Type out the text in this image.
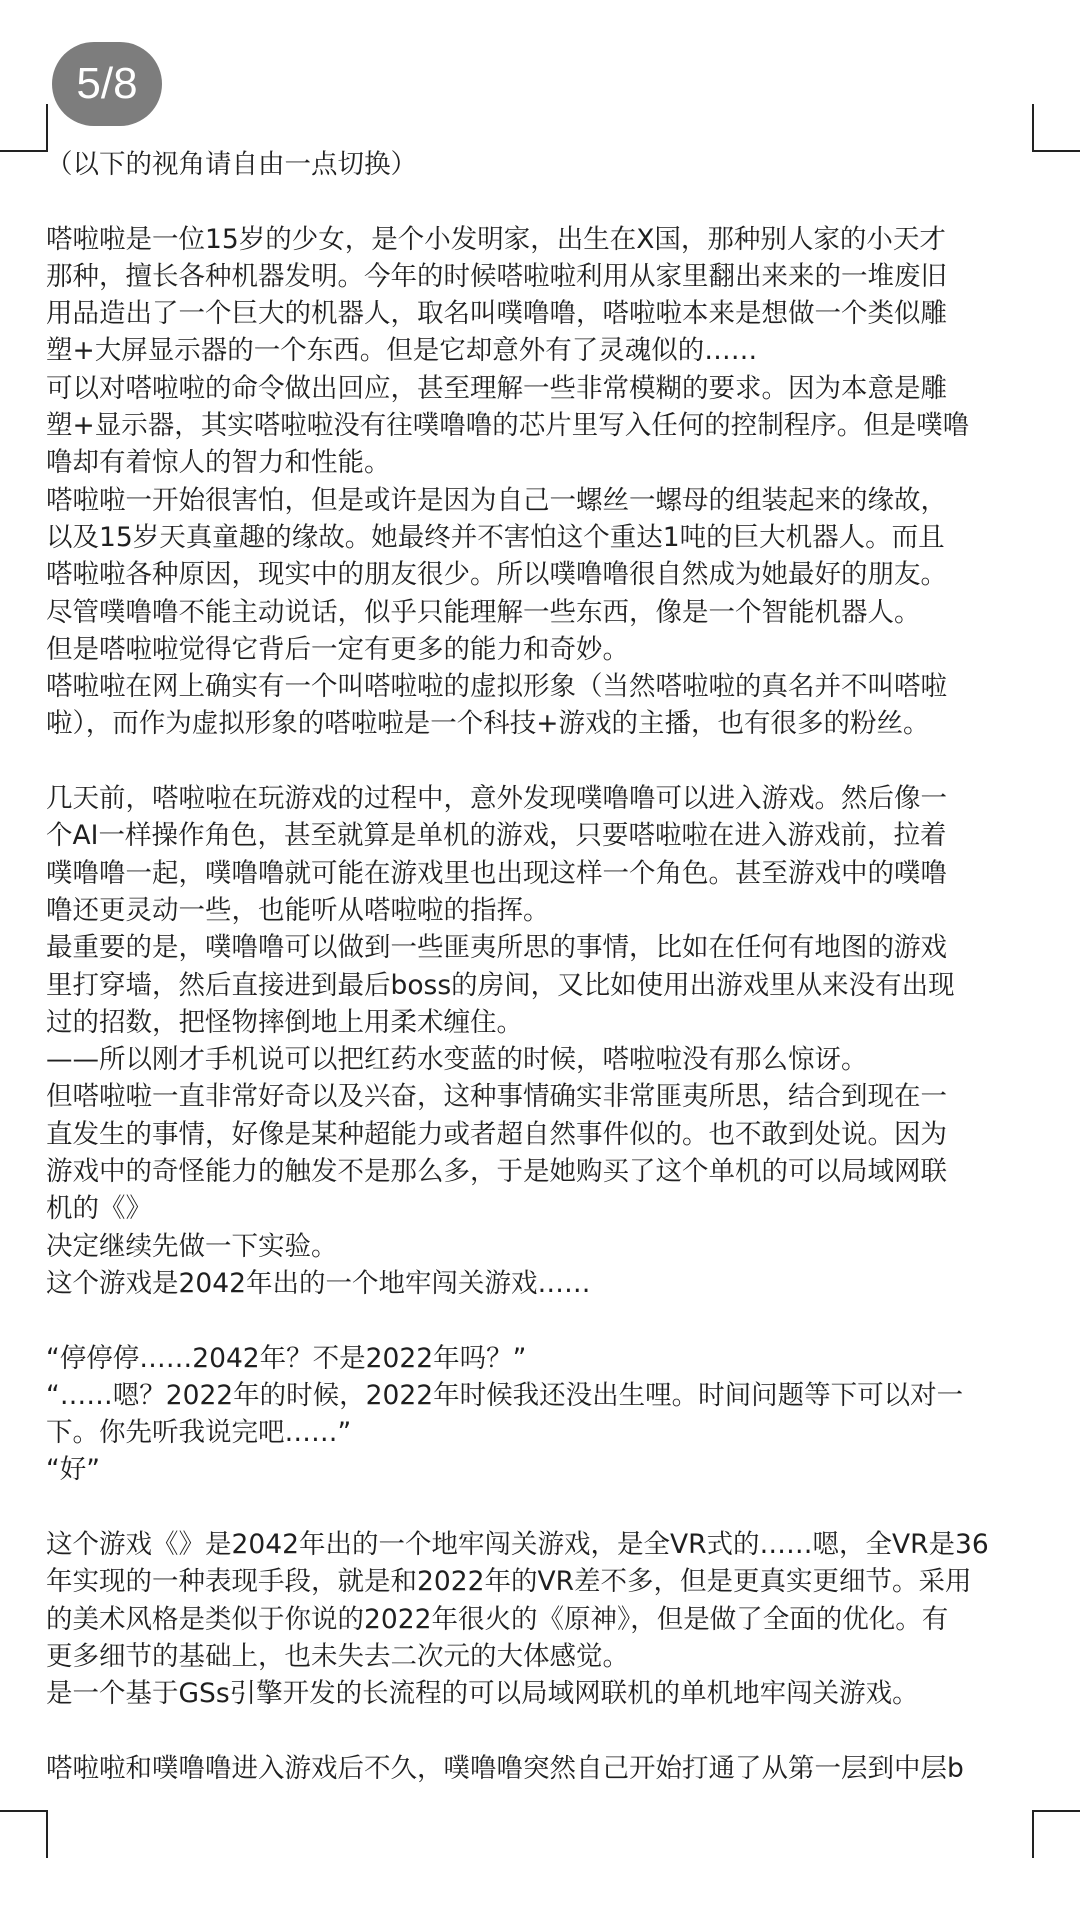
5/8
（以下的视角请自由一点切换）
嗒啦啦是一位15岁的少女，是个小发明家，出生在X国，那种别人家的小天才
那种，擅长各种机器发明。今年的时候嗒啦啦利用从家里翻出来来的一堆废旧
用品造出了一个巨大的机器人，取名叫噗噜噜，嗒啦啦本来是想做一个类似雕
塑+大屏显示器的一个东西。但是它却意外有了灵魂似的……
可以对嗒啦啦的命令做出回应，甚至理解一些非常模糊的要求。因为本意是雕
塑+显示器，其实嗒啦啦没有往噗噜噜的芯片里写入任何的控制程序。但是噗噜
噜却有着惊人的智力和性能。
嗒啦啦一开始很害怕，但是或许是因为自己一螺丝一螺母的组装起来的缘故，
以及15岁天真童趣的缘故。她最终并不害怕这个重达1吨的巨大机器人。而且
嗒啦啦各种原因，现实中的朋友很少。所以噗噜噜很自然成为她最好的朋友。
尽管噗噜噜不能主动说话，似乎只能理解一些东西，像是一个智能机器人。
但是嗒啦啦觉得它背后一定有更多的能力和奇妙。
嗒啦啦在网上确实有一个叫嗒啦啦的虚拟形象（当然嗒啦啦的真名并不叫嗒啦
啦），而作为虚拟形象的嗒啦啦是一个科技+游戏的主播，也有很多的粉丝。
几天前，嗒啦啦在玩游戏的过程中，意外发现噗噜噜可以进入游戏。然后像一
个AI一样操作角色，甚至就算是单机的游戏，只要嗒啦啦在进入游戏前，拉着
噗噜噜一起，噗噜噜就可能在游戏里也出现这样一个角色。甚至游戏中的噗噜
噜还更灵动一些，也能听从嗒啦啦的指挥。
最重要的是，噗噜噜可以做到一些匪夷所思的事情，比如在任何有地图的游戏
里打穿墙，然后直接进到最后boss的房间，又比如使用出游戏里从来没有出现
过的招数，把怪物摔倒地上用柔术缠住。
——所以刚才手机说可以把红药水变蓝的时候，嗒啦啦没有那么惊讶。
但嗒啦啦一直非常好奇以及兴奋，这种事情确实非常匪夷所思，结合到现在一
直发生的事情，好像是某种超能力或者超自然事件似的。也不敢到处说。因为
游戏中的奇怪能力的触发不是那么多，于是她购买了这个单机的可以局域网联
机的《》
决定继续先做一下实验。
这个游戏是2042年出的一个地牢闯关游戏……
“停停停……2042年？不是2022年吗？”
“……嗯？2022年的时候，2022年时候我还没出生哩。时间问题等下可以对一
下。你先听我说完吧……”
“好”
这个游戏《》是2042年出的一个地牢闯关游戏，是全VR式的……嗯，全VR是36
年实现的一种表现手段，就是和2022年的VR差不多，但是更真实更细节。采用
的美术风格是类似于你说的2022年很火的《原神》，但是做了全面的优化。有
更多细节的基础上，也未失去二次元的大体感觉。
是一个基于GSs引擎开发的长流程的可以局域网联机的单机地牢闯关游戏。
嗒啦啦和噗噜噜进入游戏后不久，噗噜噜突然自己开始打通了从第一层到中层b
